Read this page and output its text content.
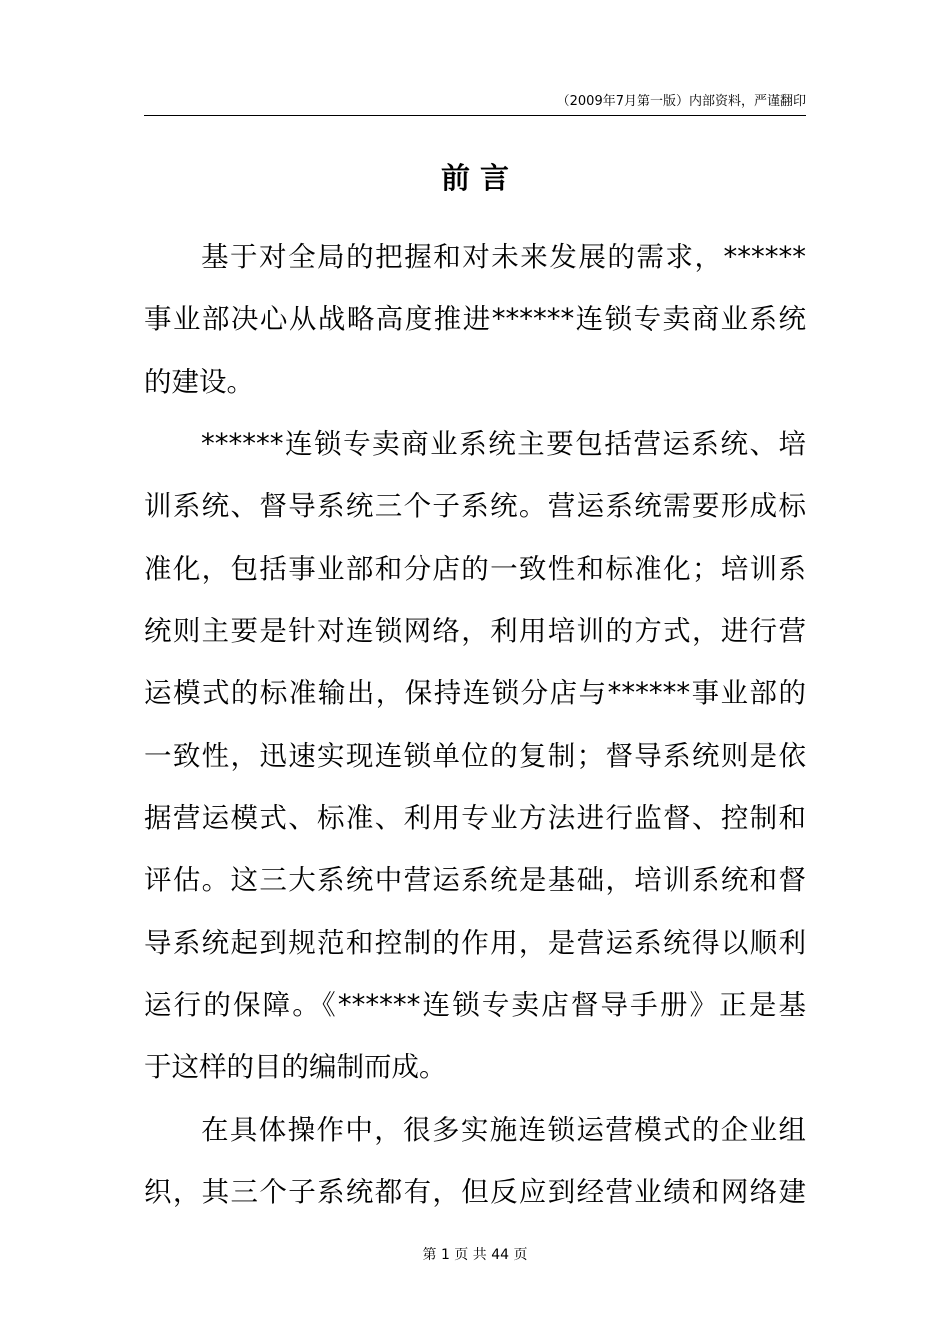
（2009年7月第一版）内部资料，严谨翻印
前 言
基于对全局的把握和对未来发展的需求，******
事业部决心从战略高度推进******连锁专卖商业系统
的建设。
******连锁专卖商业系统主要包括营运系统、培
训系统、督导系统三个子系统。营运系统需要形成标
准化，包括事业部和分店的一致性和标准化；培训系
统则主要是针对连锁网络，利用培训的方式，进行营
运模式的标准输出，保持连锁分店与******事业部的
一致性，迅速实现连锁单位的复制；督导系统则是依
据营运模式、标准、利用专业方法进行监督、控制和
评估。这三大系统中营运系统是基础，培训系统和督
导系统起到规范和控制的作用，是营运系统得以顺利
运行的保障。《******连锁专卖店督导手册》正是基
于这样的目的编制而成。
在具体操作中，很多实施连锁运营模式的企业组
织，其三个子系统都有，但反应到经营业绩和网络建
第 1 页 共 44 页
